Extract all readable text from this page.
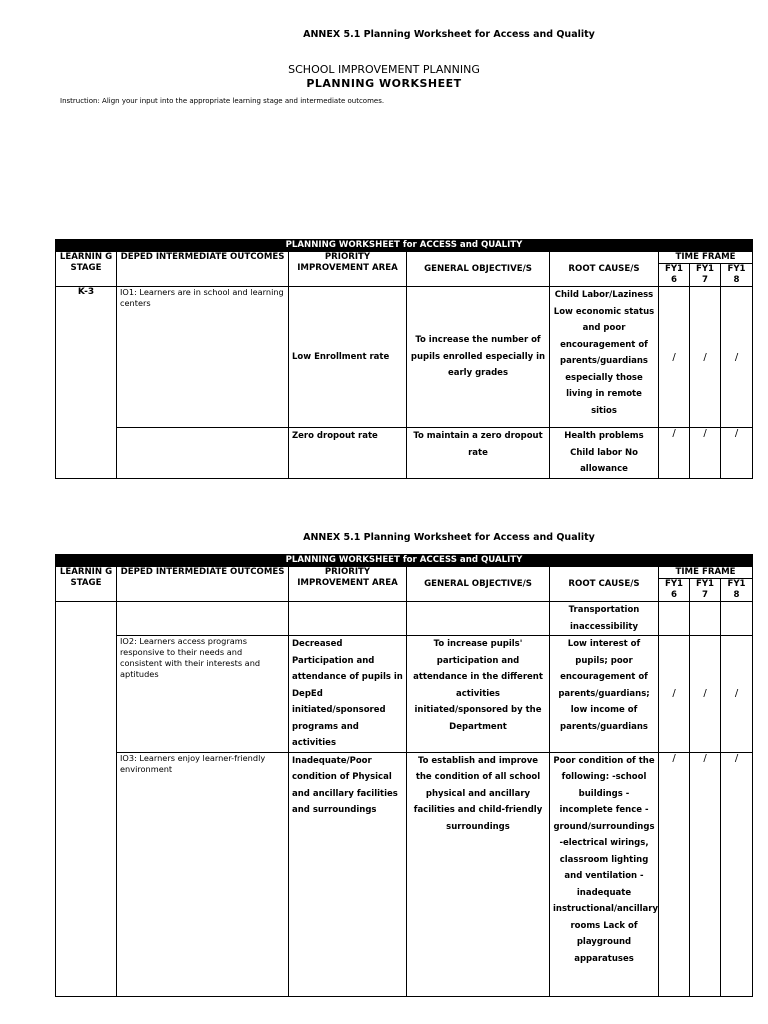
ANNEX 5.1 Planning Worksheet for Access and Quality
SCHOOL IMPROVEMENT PLANNING
PLANNING WORKSHEET
Instruction: Align your input into the appropriate learning stage and intermediate outcomes.
PLANNING WORKSHEET for ACCESS and QUALITY							
LEARNIN G STAGE	DEPED INTERMEDIATE OUTCOMES	PRIORITY IMPROVEMENT AREA	GENERAL OBJECTIVE/S	ROOT CAUSE/S	TIME FRAME		
					FY1 6	FY1 7	FY1 8
K-3	IO1: Learners are in school and learning centers	Low Enrollment rate	To increase the number of pupils enrolled especially in early grades	Child Labor/Laziness Low economic status and poor encouragement of parents/guardians especially those living in remote sitios	/	/	/
		Zero dropout rate	To maintain a zero dropout rate	Health problems Child labor No allowance	/	/	/
ANNEX 5.1 Planning Worksheet for Access and Quality
PLANNING WORKSHEET for ACCESS and QUALITY							
LEARNIN G STAGE	DEPED INTERMEDIATE OUTCOMES	PRIORITY IMPROVEMENT AREA	GENERAL OBJECTIVE/S	ROOT CAUSE/S	TIME FRAME		
					FY1 6	FY1 7	FY1 8
				Transportation inaccessibility			
	IO2: Learners access programs responsive to their needs and consistent with their interests and aptitudes	Decreased Participation and attendance of pupils in DepEd initiated/sponsored programs and activities	To increase pupils' participation and attendance in the different activities initiated/sponsored by the Department	Low interest of pupils; poor encouragement of parents/guardians; low income of parents/guardians	/	/	/
	IO3: Learners enjoy learner-friendly environment	Inadequate/Poor condition of Physical and ancillary facilities and surroundings	To establish and improve the condition of all school physical and ancillary facilities and child-friendly surroundings	Poor condition of the following: -school buildings -incomplete fence -ground/surroundings -electrical wirings, classroom lighting and ventilation -inadequate instructional/ancillary rooms Lack of playground apparatuses	/	/	/
